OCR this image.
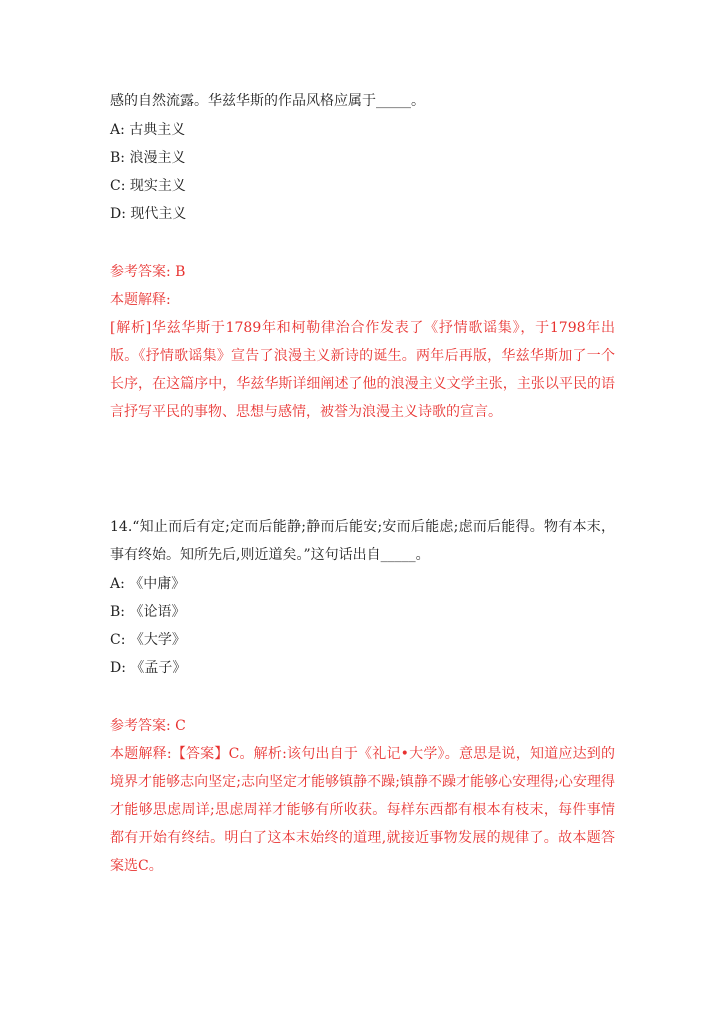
感的自然流露。华兹华斯的作品风格应属于_____。
A: 古典主义
B: 浪漫主义
C: 现实主义
D: 现代主义
参考答案: B
本题解释:
[解析]华兹华斯于1789年和柯勒律治合作发表了《抒情歌谣集》，于1798年出版。《抒情歌谣集》宣告了浪漫主义新诗的诞生。两年后再版，华兹华斯加了一个长序，在这篇序中，华兹华斯详细阐述了他的浪漫主义文学主张，主张以平民的语言抒写平民的事物、思想与感情，被誉为浪漫主义诗歌的宣言。
14.“知止而后有定;定而后能静;静而后能安;安而后能虑;虑而后能得。物有本末，事有终始。知所先后,则近道矣。”这句话出自_____。
A: 《中庸》
B: 《论语》
C: 《大学》
D: 《孟子》
参考答案: C
本题解释:【答案】C。解析:该句出自于《礼记•大学》。意思是说，知道应达到的境界才能够志向坚定;志向坚定才能够镇静不躁;镇静不躁才能够心安理得;心安理得才能够思虑周详;思虑周祥才能够有所收获。每样东西都有根本有枝末，每件事情都有开始有终结。明白了这本末始终的道理,就接近事物发展的规律了。故本题答案选C。
